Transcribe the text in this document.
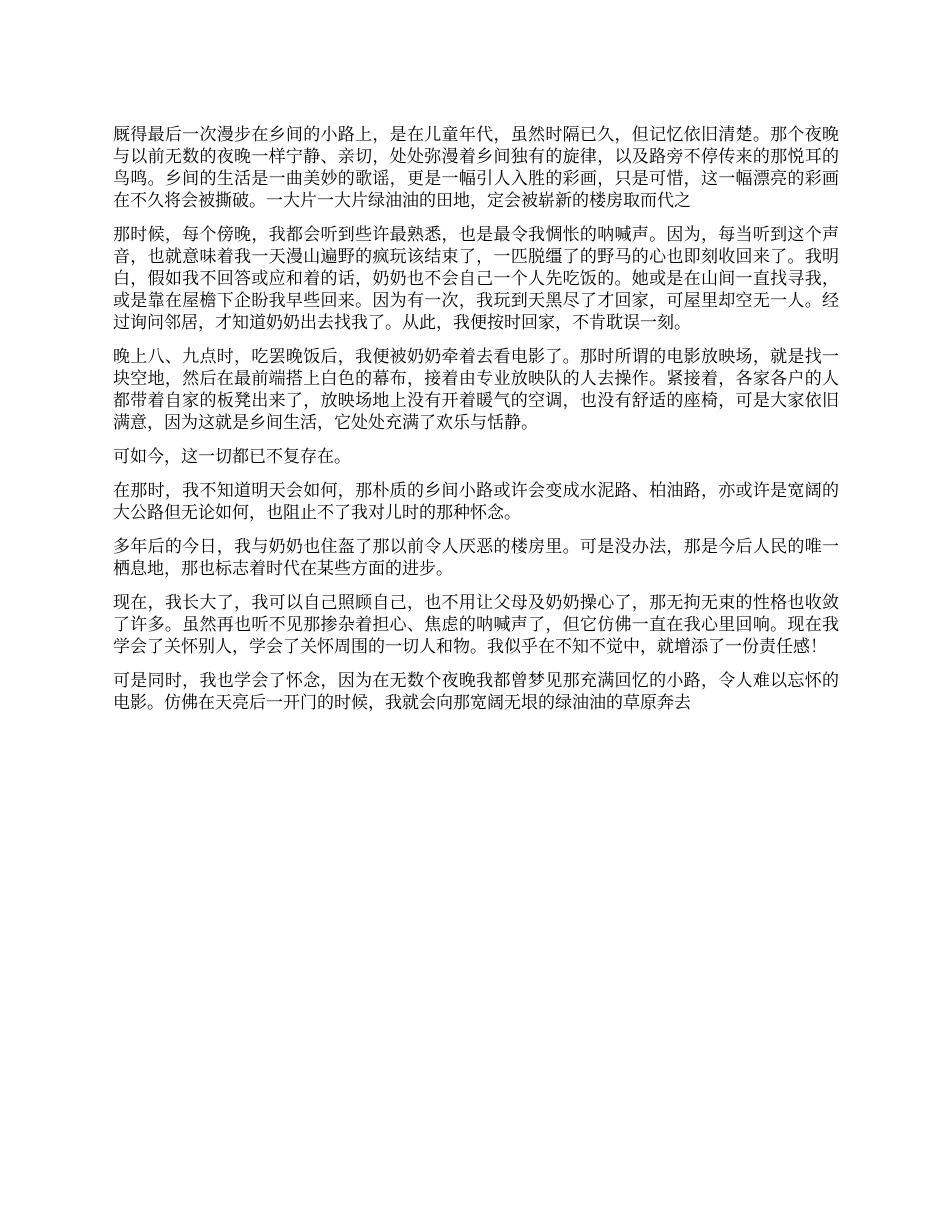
厩得最后一次漫步在乡间的小路上，是在儿童年代，虽然时隔已久，但记忆依旧清楚。那个夜晚与以前无数的夜晚一样宁静、亲切，处处弥漫着乡间独有的旋律，以及路旁不停传来的那悦耳的鸟鸣。乡间的生活是一曲美妙的歌谣，更是一幅引人入胜的彩画，只是可惜，这一幅漂亮的彩画在不久将会被撕破。一大片一大片绿油油的田地，定会被崭新的楼房取而代之

那时候，每个傍晚，我都会听到些许最熟悉，也是最令我惆怅的呐喊声。因为，每当听到这个声音，也就意味着我一天漫山遍野的疯玩该结束了，一匹脱缰了的野马的心也即刻收回来了。我明白，假如我不回答或应和着的话，奶奶也不会自己一个人先吃饭的。她或是在山间一直找寻我，或是靠在屋檐下企盼我早些回来。因为有一次，我玩到天黑尽了才回家，可屋里却空无一人。经过询问邻居，才知道奶奶出去找我了。从此，我便按时回家，不肯耽误一刻。

晚上八、九点时，吃罢晚饭后，我便被奶奶牵着去看电影了。那时所谓的电影放映场，就是找一块空地，然后在最前端搭上白色的幕布，接着由专业放映队的人去操作。紧接着，各家各户的人都带着自家的板凳出来了，放映场地上没有开着暖气的空调，也没有舒适的座椅，可是大家依旧满意，因为这就是乡间生活，它处处充满了欢乐与恬静。

可如今，这一切都已不复存在。

在那时，我不知道明天会如何，那朴质的乡间小路或许会变成水泥路、柏油路，亦或许是宽阔的大公路但无论如何，也阻止不了我对儿时的那种怀念。

多年后的今日，我与奶奶也住盔了那以前令人厌恶的楼房里。可是没办法，那是今后人民的唯一栖息地，那也标志着时代在某些方面的进步。

现在，我长大了，我可以自己照顾自己，也不用让父母及奶奶操心了，那无拘无束的性格也收敛了许多。虽然再也听不见那掺杂着担心、焦虑的呐喊声了，但它仿佛一直在我心里回响。现在我学会了关怀别人，学会了关怀周围的一切人和物。我似乎在不知不觉中，就增添了一份责任感！

可是同时，我也学会了怀念，因为在无数个夜晚我都曾梦见那充满回忆的小路，令人难以忘怀的电影。仿佛在天亮后一开门的时候，我就会向那宽阔无垠的绿油油的草原奔去
